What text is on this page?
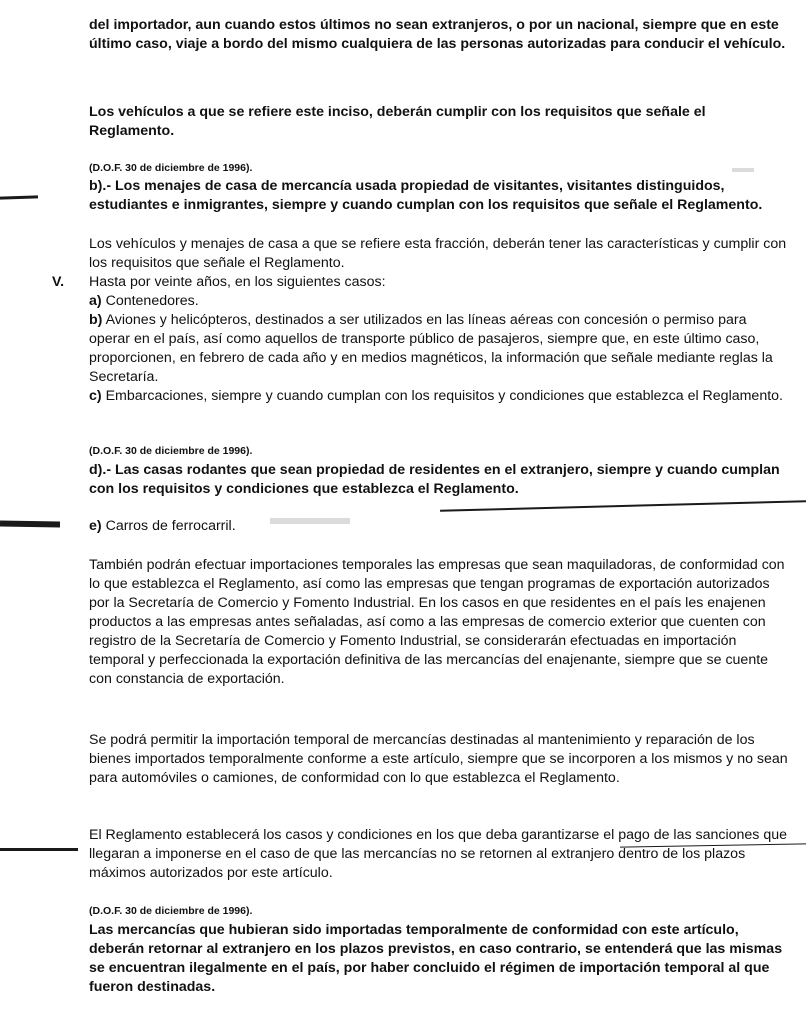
del importador, aun cuando estos últimos no sean extranjeros, o por un nacional, siempre que en este último caso, viaje a bordo del mismo cualquiera de las personas autorizadas para conducir el vehículo.

Los vehículos a que se refiere este inciso, deberán cumplir con los requisitos que señale el Reglamento.

(D.O.F. 30 de diciembre de 1996).

b).- Los menajes de casa de mercancía usada propiedad de visitantes, visitantes distinguidos, estudiantes e inmigrantes, siempre y cuando cumplan con los requisitos que señale el Reglamento.

Los vehículos y menajes de casa a que se refiere esta fracción, deberán tener las características y cumplir con los requisitos que señale el Reglamento.

V. Hasta por veinte años, en los siguientes casos:

a) Contenedores.

b) Aviones y helicópteros, destinados a ser utilizados en las líneas aéreas con concesión o permiso para operar en el país, así como aquellos de transporte público de pasajeros, siempre que, en este último caso, proporcionen, en febrero de cada año y en medios magnéticos, la información que señale mediante reglas la Secretaría.

c) Embarcaciones, siempre y cuando cumplan con los requisitos y condiciones que establezca el Reglamento.

(D.O.F. 30 de diciembre de 1996).

d).- Las casas rodantes que sean propiedad de residentes en el extranjero, siempre y cuando cumplan con los requisitos y condiciones que establezca el Reglamento.

e) Carros de ferrocarril.

También podrán efectuar importaciones temporales las empresas que sean maquiladoras, de conformidad con lo que establezca el Reglamento, así como las empresas que tengan programas de exportación autorizados por la Secretaría de Comercio y Fomento Industrial. En los casos en que residentes en el país les enajenen productos a las empresas antes señaladas, así como a las empresas de comercio exterior que cuenten con registro de la Secretaría de Comercio y Fomento Industrial, se considerarán efectuadas en importación temporal y perfeccionada la exportación definitiva de las mercancías del enajenante, siempre que se cuente con constancia de exportación.

Se podrá permitir la importación temporal de mercancías destinadas al mantenimiento y reparación de los bienes importados temporalmente conforme a este artículo, siempre que se incorporen a los mismos y no sean para automóviles o camiones, de conformidad con lo que establezca el Reglamento.

El Reglamento establecerá los casos y condiciones en los que deba garantizarse el pago de las sanciones que llegaran a imponerse en el caso de que las mercancías no se retornen al extranjero dentro de los plazos máximos autorizados por este artículo.

(D.O.F. 30 de diciembre de 1996).

Las mercancías que hubieran sido importadas temporalmente de conformidad con este artículo, deberán retornar al extranjero en los plazos previstos, en caso contrario, se entenderá que las mismas se encuentran ilegalmente en el país, por haber concluido el régimen de importación temporal al que fueron destinadas.
